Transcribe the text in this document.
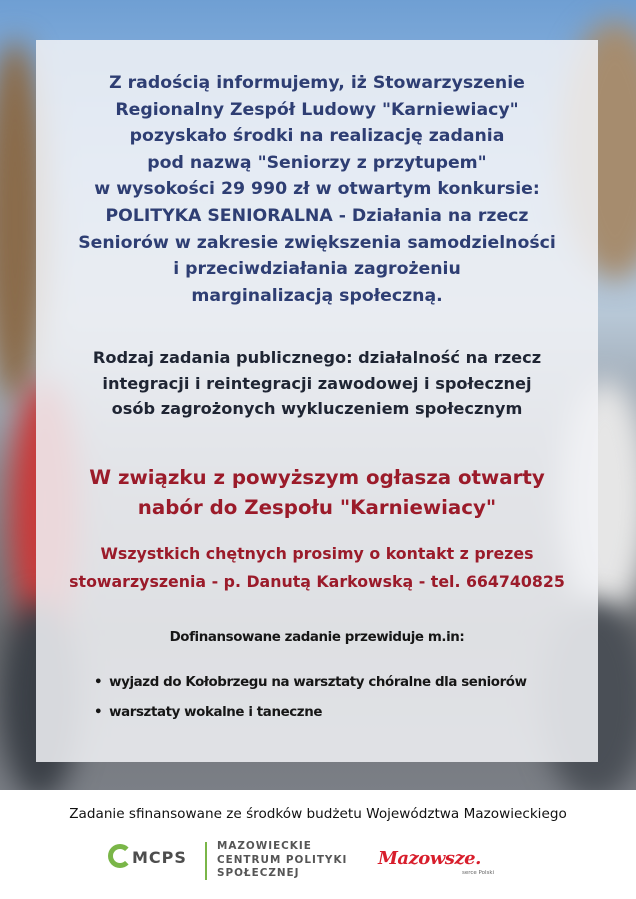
Z radością informujemy, iż Stowarzyszenie
Regionalny Zespół Ludowy "Karniewiacy"
pozyskało środki na realizację zadania
pod nazwą "Seniorzy z przytupem"
w wysokości 29 990 zł w otwartym konkursie:
POLITYKA SENIORALNA - Działania na rzecz
Seniorów w zakresie zwiększenia samodzielności
i przeciwdziałania zagrożeniu
marginalizacją społeczną.
Rodzaj zadania publicznego: działalność na rzecz
integracji i reintegracji zawodowej i społecznej
osób zagrożonych wykluczeniem społecznym
W związku z powyższym ogłasza otwarty
nabór do Zespołu "Karniewiacy"
Wszystkich chętnych prosimy o kontakt z prezes
stowarzyszenia - p. Danutą Karkowską - tel. 664740825
Dofinansowane zadanie przewiduje m.in:
• wyjazd do Kołobrzegu na warsztaty chóralne dla seniorów
• warsztaty wokalne i taneczne
Zadanie sfinansowane ze środków budżetu Województwa Mazowieckiego
MCPS
MAZOWIECKIE
CENTRUM POLITYKI
SPOŁECZNEJ
Mazowsze.
serce Polski
